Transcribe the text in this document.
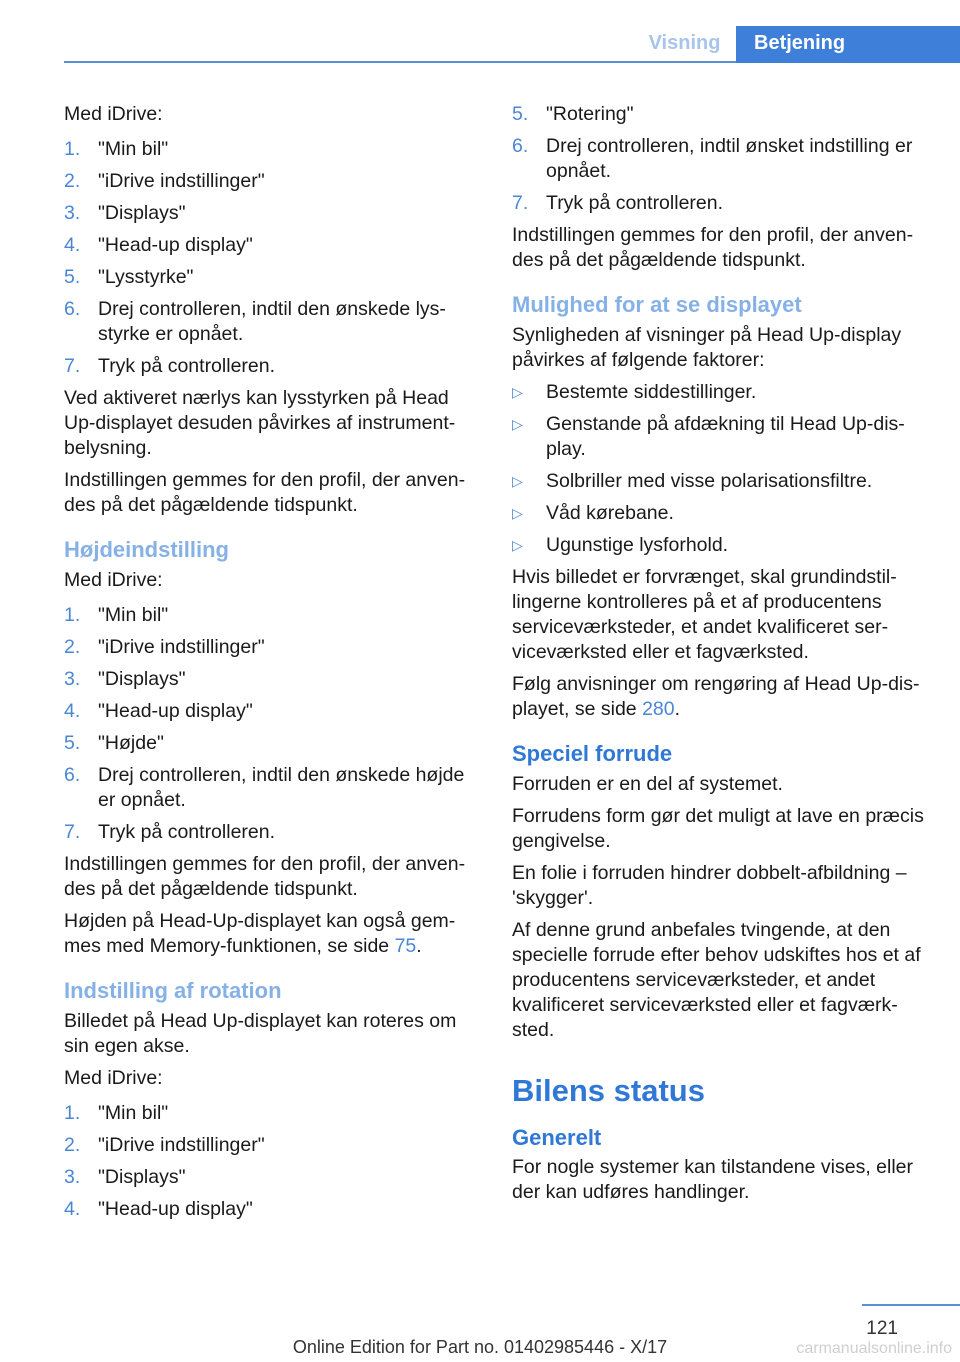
Visning	Betjening

Med iDrive:

1. "Min bil"
2. "iDrive indstillinger"
3. "Displays"
4. "Head-up display"
5. "Lysstyrke"
6. Drej controlleren, indtil den ønskede lysstyrke er opnået.
7. Tryk på controlleren.

Ved aktiveret nærlys kan lysstyrken på Head Up-displayet desuden påvirkes af instrumentbelysning.

Indstillingen gemmes for den profil, der anvendes på det pågældende tidspunkt.

Højdeindstilling

Med iDrive:

1. "Min bil"
2. "iDrive indstillinger"
3. "Displays"
4. "Head-up display"
5. "Højde"
6. Drej controlleren, indtil den ønskede højde er opnået.
7. Tryk på controlleren.

Indstillingen gemmes for den profil, der anvendes på det pågældende tidspunkt.

Højden på Head-Up-displayet kan også gemmes med Memory-funktionen, se side 75.

Indstilling af rotation

Billedet på Head Up-displayet kan roteres om sin egen akse.

Med iDrive:

1. "Min bil"
2. "iDrive indstillinger"
3. "Displays"
4. "Head-up display"
5. "Rotering"
6. Drej controlleren, indtil ønsket indstilling er opnået.
7. Tryk på controlleren.

Indstillingen gemmes for den profil, der anvendes på det pågældende tidspunkt.

Mulighed for at se displayet

Synligheden af visninger på Head Up-display påvirkes af følgende faktorer:

▷ Bestemte siddestillinger.
▷ Genstande på afdækning til Head Up-display.
▷ Solbriller med visse polarisationsfiltre.
▷ Våd kørebane.
▷ Ugunstige lysforhold.

Hvis billedet er forvrænget, skal grundindstillingerne kontrolleres på et af producentens serviceværksteder, et andet kvalificeret serviceværksted eller et fagværksted.

Følg anvisninger om rengøring af Head Up-displayet, se side 280.

Speciel forrude

Forruden er en del af systemet.

Forrudens form gør det muligt at lave en præcis gengivelse.

En folie i forruden hindrer dobbelt-afbildning – 'skygger'.

Af denne grund anbefales tvingende, at den specielle forrude efter behov udskiftes hos et af producentens serviceværksteder, et andet kvalificeret serviceværksted eller et fagværksted.

Bilens status
Generelt

For nogle systemer kan tilstandene vises, eller der kan udføres handlinger.

121
Online Edition for Part no. 01402985446 - X/17	carmanualsonline.info
